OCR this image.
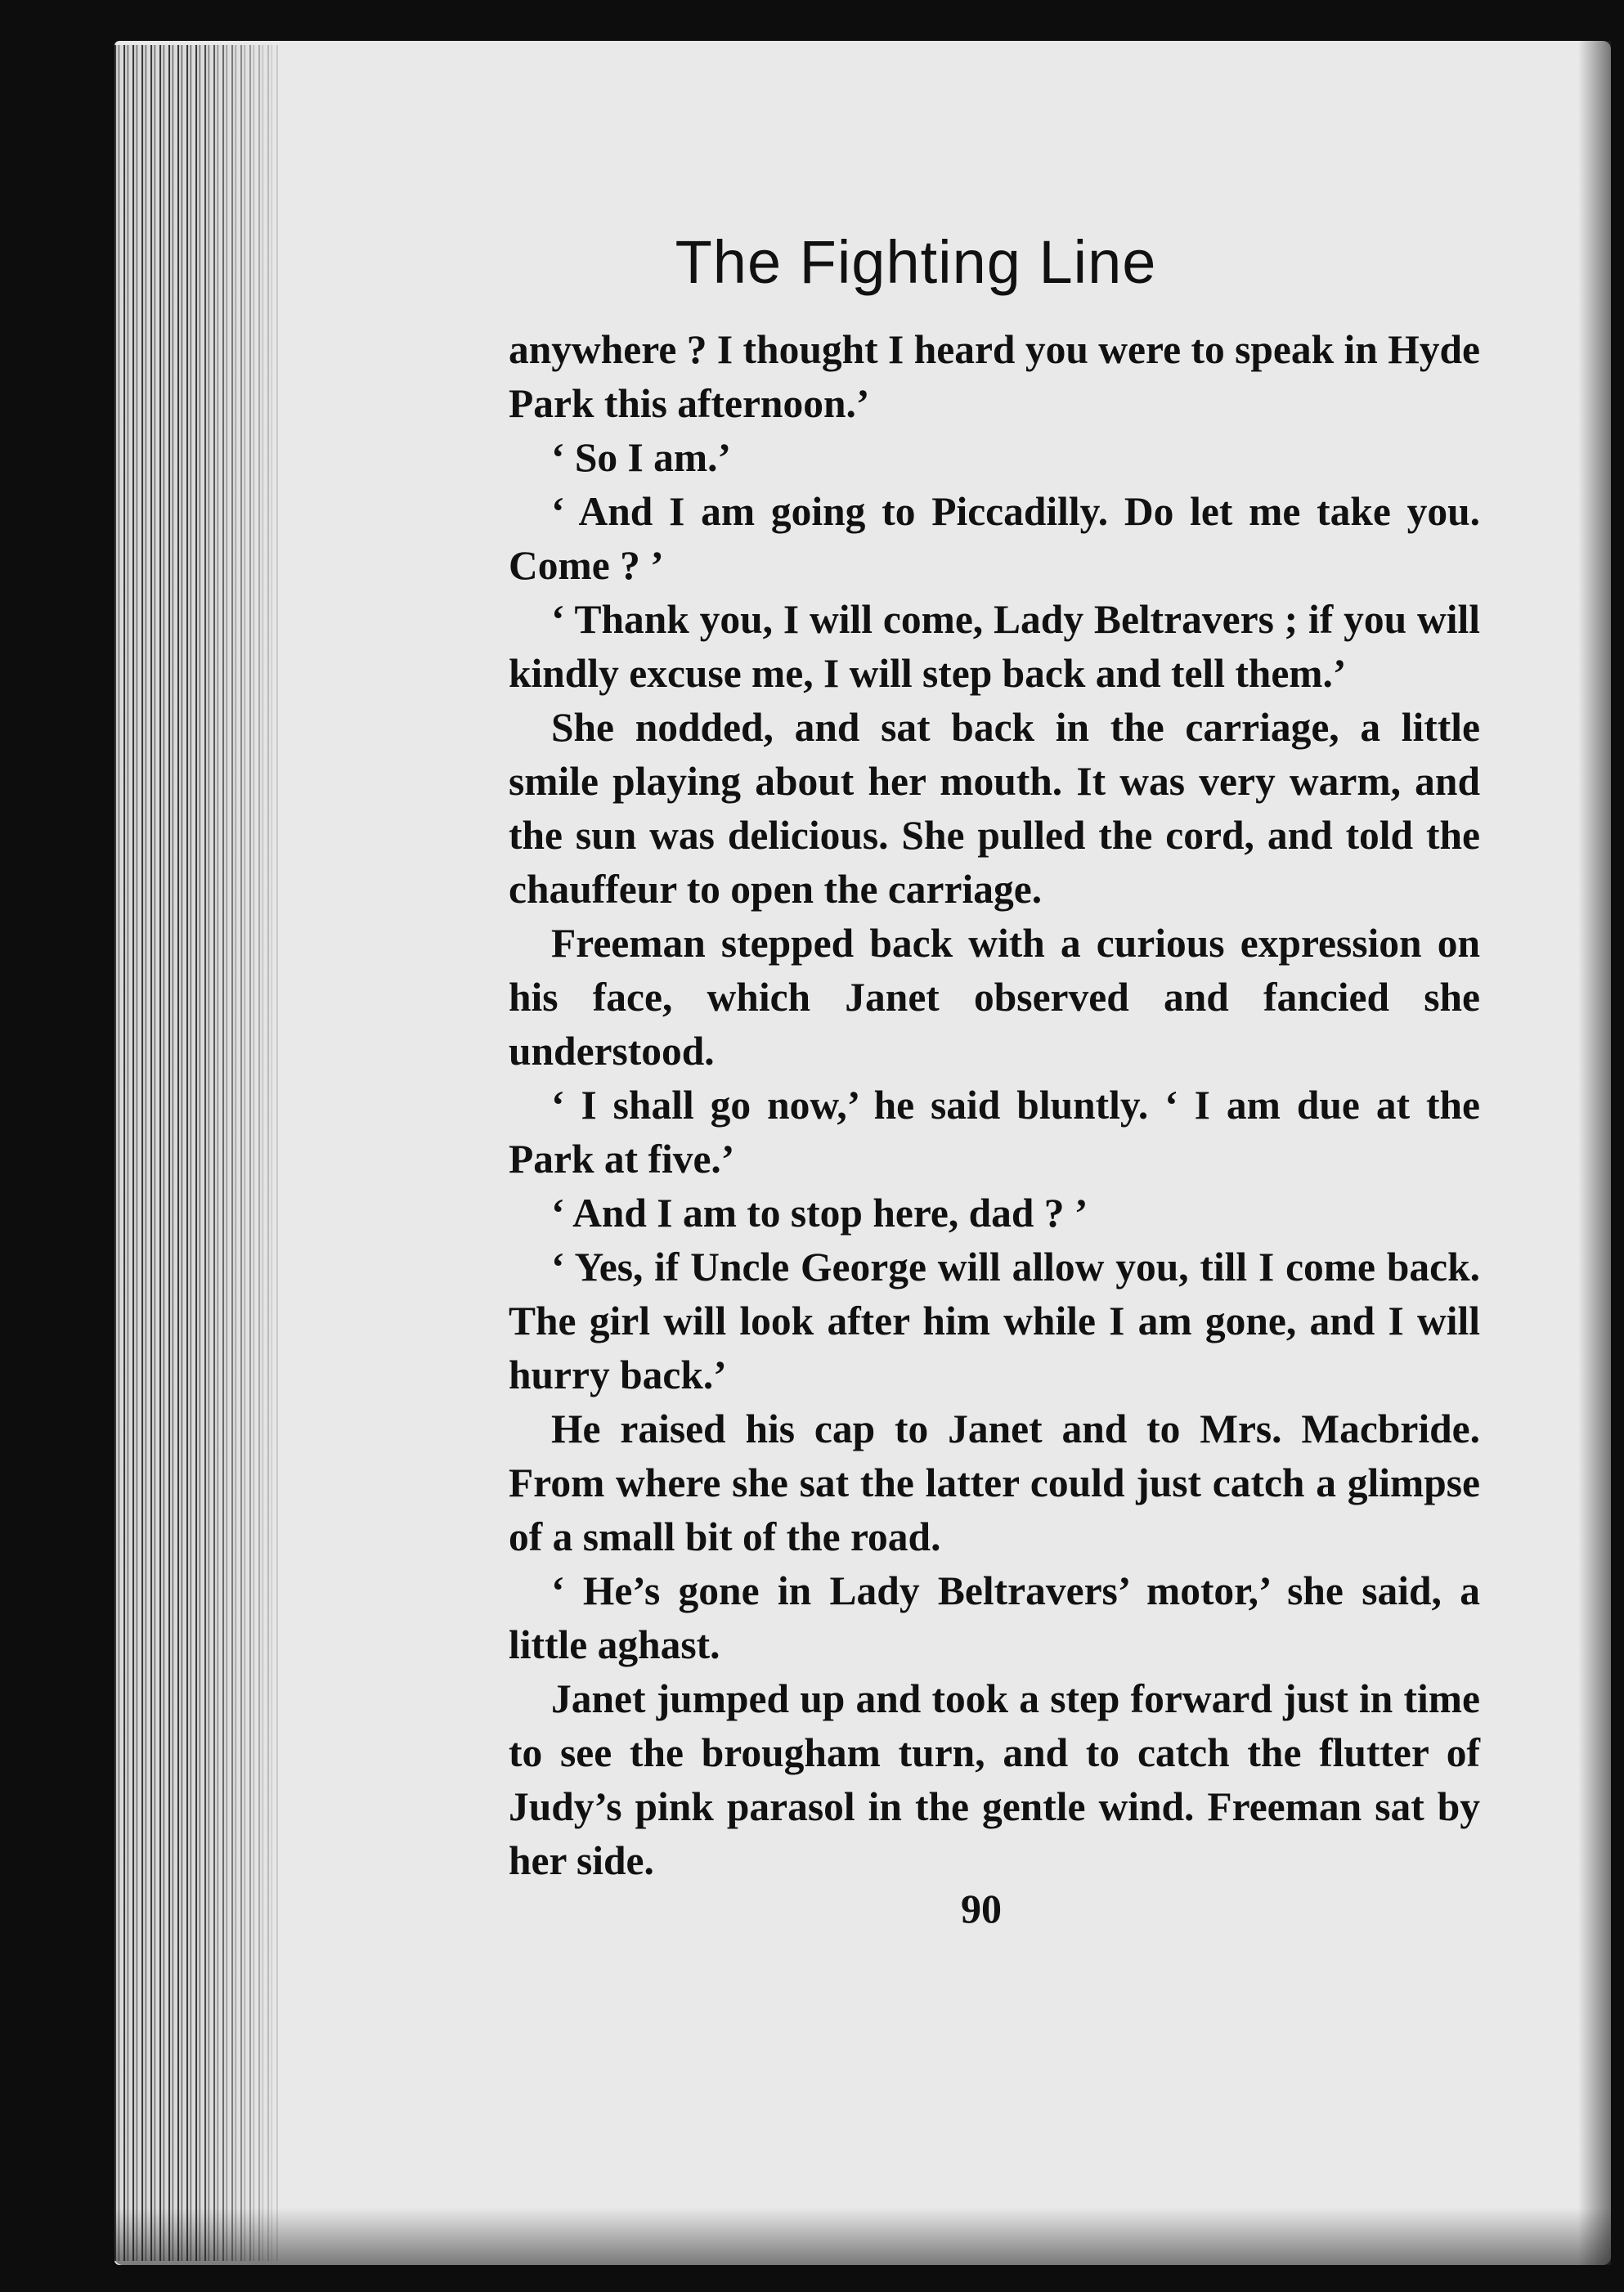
The Fighting Line

anywhere ? I thought I heard you were to speak in Hyde Park this afternoon.’

‘ So I am.’

‘ And I am going to Piccadilly. Do let me take you. Come ? ’

‘ Thank you, I will come, Lady Beltravers ; if you will kindly excuse me, I will step back and tell them.’

She nodded, and sat back in the carriage, a little smile playing about her mouth. It was very warm, and the sun was delicious. She pulled the cord, and told the chauffeur to open the carriage.

Freeman stepped back with a curious expression on his face, which Janet observed and fancied she understood.

‘ I shall go now,’ he said bluntly. ‘ I am due at the Park at five.’

‘ And I am to stop here, dad ? ’

‘ Yes, if Uncle George will allow you, till I come back. The girl will look after him while I am gone, and I will hurry back.’

He raised his cap to Janet and to Mrs. Macbride. From where she sat the latter could just catch a glimpse of a small bit of the road.

‘ He’s gone in Lady Beltravers’ motor,’ she said, a little aghast.

Janet jumped up and took a step forward just in time to see the brougham turn, and to catch the flutter of Judy’s pink parasol in the gentle wind. Freeman sat by her side.

90
